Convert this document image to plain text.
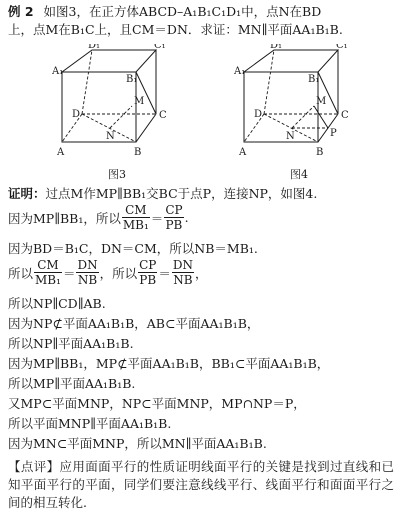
例 2 如图3，在正方体ABCD–A₁B₁C₁D₁中，点N在BD
上，点M在B₁C上，且CM＝DN．求证：MN∥平面AA₁B₁B.
D₁	C₁
A₁
B₁
M
D	C
N
A	B
图3
D₁	C₁
A₁
B₁
M
D	C
N	P
A	B
图4
证明：过点M作MP∥BB₁交BC于点P，连接NP，如图4.
因为MP∥BB₁，所以 $\frac{CM}{\text{MB₁}} = \frac{CP}{PB}$ .
因为BD＝B₁C，DN＝CM，所以NB＝MB₁.
所以 $\frac{CM}{\text{MB₁}} = \frac{DN}{NB}$ ，所以 $\frac{CP}{PB} = \frac{DN}{NB}$ ，
所以NP∥CD∥AB.
因为NP⊄平面AA₁B₁B，AB⊂平面AA₁B₁B，
所以NP∥平面AA₁B₁B.
因为MP∥BB₁，MP⊄平面AA₁B₁B，BB₁⊂平面AA₁B₁B，
所以MP∥平面AA₁B₁B.
又MP⊂平面MNP，NP⊂平面MNP，MP∩NP＝P，
所以平面MNP∥平面AA₁B₁B.
因为MN⊂平面MNP，所以MN∥平面AA₁B₁B.
【点评】应用面面平行的性质证明线面平行的关键是找到过直线和已知平面平行的平面，同学们要注意线线平行、线面平行和面面平行之间的相互转化.
